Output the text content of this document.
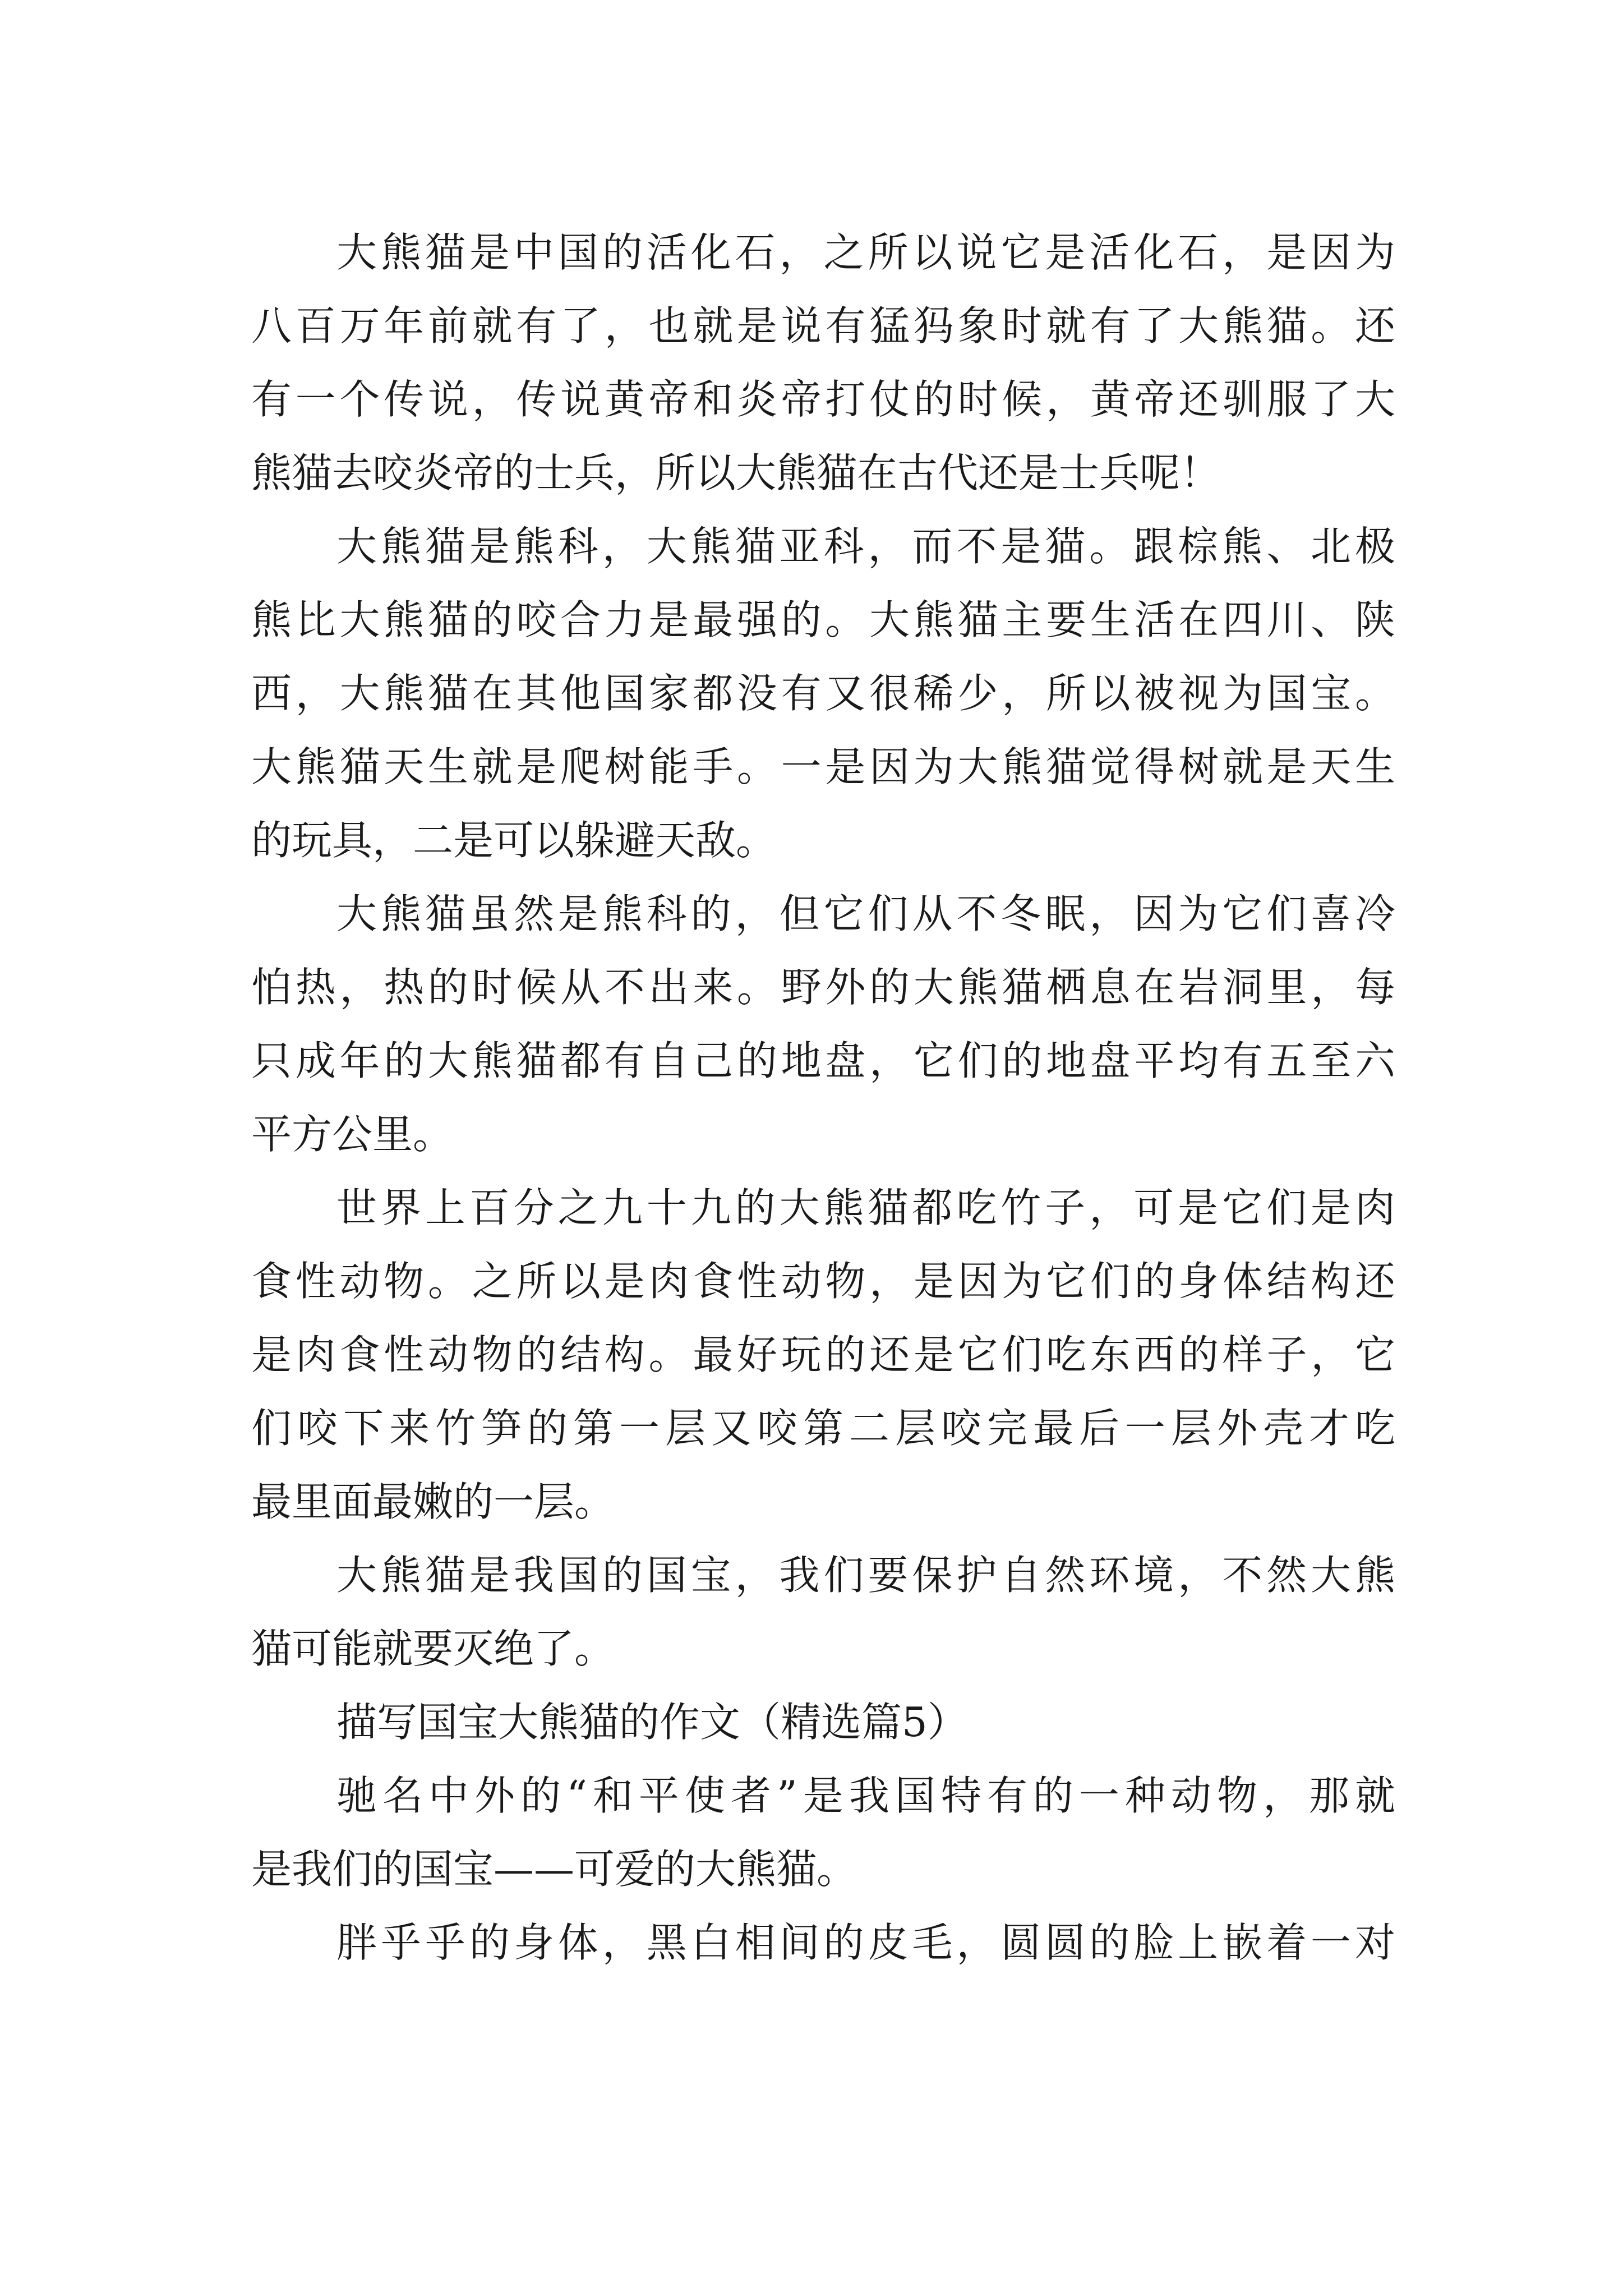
大熊猫是中国的活化石，之所以说它是活化石，是因为
八百万年前就有了，也就是说有猛犸象时就有了大熊猫。还
有一个传说，传说黄帝和炎帝打仗的时候，黄帝还驯服了大
熊猫去咬炎帝的士兵，所以大熊猫在古代还是士兵呢！
大熊猫是熊科，大熊猫亚科，而不是猫。跟棕熊、北极
熊比大熊猫的咬合力是最强的。大熊猫主要生活在四川、陕
西，大熊猫在其他国家都没有又很稀少，所以被视为国宝。
大熊猫天生就是爬树能手。一是因为大熊猫觉得树就是天生
的玩具，二是可以躲避天敌。
大熊猫虽然是熊科的，但它们从不冬眠，因为它们喜冷
怕热，热的时候从不出来。野外的大熊猫栖息在岩洞里，每
只成年的大熊猫都有自己的地盘，它们的地盘平均有五至六
平方公里。
世界上百分之九十九的大熊猫都吃竹子，可是它们是肉
食性动物。之所以是肉食性动物，是因为它们的身体结构还
是肉食性动物的结构。最好玩的还是它们吃东西的样子，它
们咬下来竹笋的第一层又咬第二层咬完最后一层外壳才吃
最里面最嫩的一层。
大熊猫是我国的国宝，我们要保护自然环境，不然大熊
猫可能就要灭绝了。
描写国宝大熊猫的作文（精选篇5）
驰名中外的“和平使者”是我国特有的一种动物，那就
是我们的国宝——可爱的大熊猫。
胖乎乎的身体，黑白相间的皮毛，圆圆的脸上嵌着一对
